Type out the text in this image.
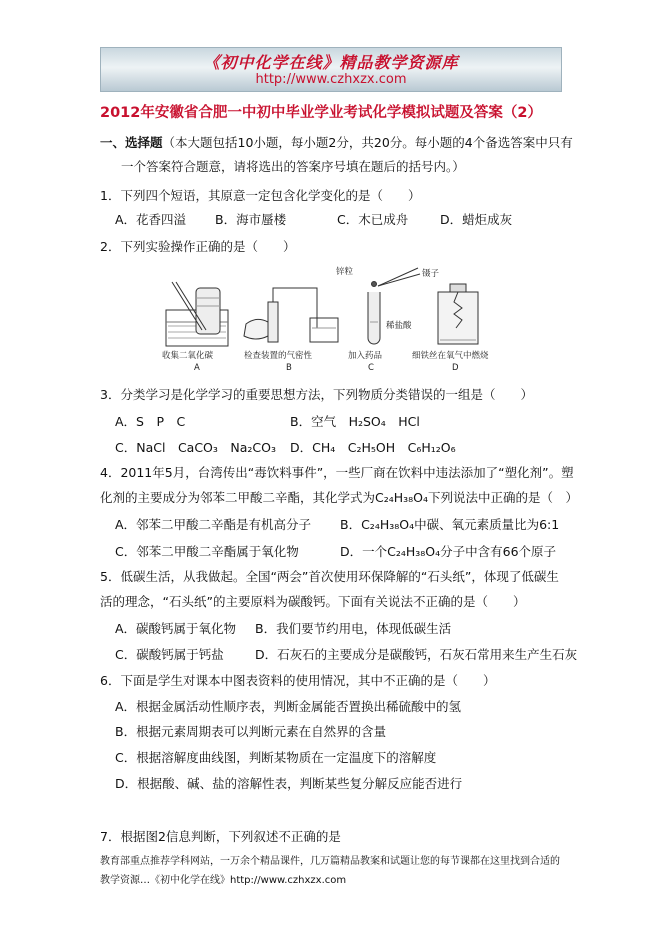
《初中化学在线》精品教学资源库
http://www.czhxzx.com
2012年安徽省合肥一中初中毕业学业考试化学模拟试题及答案（2）
一、选择题（本大题包括10小题，每小题2分，共20分。每小题的4个备选答案中只有
一个答案符合题意，请将选出的答案序号填在题后的括号内。）
1．下列四个短语，其原意一定包含化学变化的是（　　）
A．花香四溢 B．海市蜃楼	C．木已成舟	D．蜡炬成灰
2．下列实验操作正确的是（　　）
锌粒	镊子
稀盐酸
收集二氧化碳	检查装置的气密性	加入药品	细铁丝在氧气中燃烧
A	B	C	D
3．分类学习是化学学习的重要思想方法，下列物质分类错误的一组是（　　）
A．S　P　C	B．空气　H₂SO₄　HCl
C．NaCl　CaCO₃　Na₂CO₃ D．CH₄　C₂H₅OH　C₆H₁₂O₆
4．2011年5月，台湾传出“毒饮料事件”，一些厂商在饮料中违法添加了“塑化剂”。塑
化剂的主要成分为邻苯二甲酸二辛酯，其化学式为C₂₄H₃₈O₄下列说法中正确的是（　）
A．邻苯二甲酸二辛酯是有机高分子 B．C₂₄H₃₈O₄中碳、氧元素质量比为6:1
C．邻苯二甲酸二辛酯属于氧化物	D．一个C₂₄H₃₈O₄分子中含有66个原子
5．低碳生活，从我做起。全国“两会”首次使用环保降解的“石头纸”，体现了低碳生
活的理念，“石头纸”的主要原料为碳酸钙。下面有关说法不正确的是（　　）
A．碳酸钙属于氧化物 B．我们要节约用电，体现低碳生活
C．碳酸钙属于钙盐	D．石灰石的主要成分是碳酸钙，石灰石常用来生产生石灰
6．下面是学生对课本中图表资料的使用情况，其中不正确的是（　　）
A．根据金属活动性顺序表，判断金属能否置换出稀硫酸中的氢
B．根据元素周期表可以判断元素在自然界的含量
C．根据溶解度曲线图，判断某物质在一定温度下的溶解度
D．根据酸、碱、盐的溶解性表，判断某些复分解反应能否进行
7．根据图2信息判断，下列叙述不正确的是
教育部重点推荐学科网站，一万余个精品课件，几万篇精品教案和试题让您的每节课都在这里找到合适的
教学资源…《初中化学在线》http://www.czhxzx.com
